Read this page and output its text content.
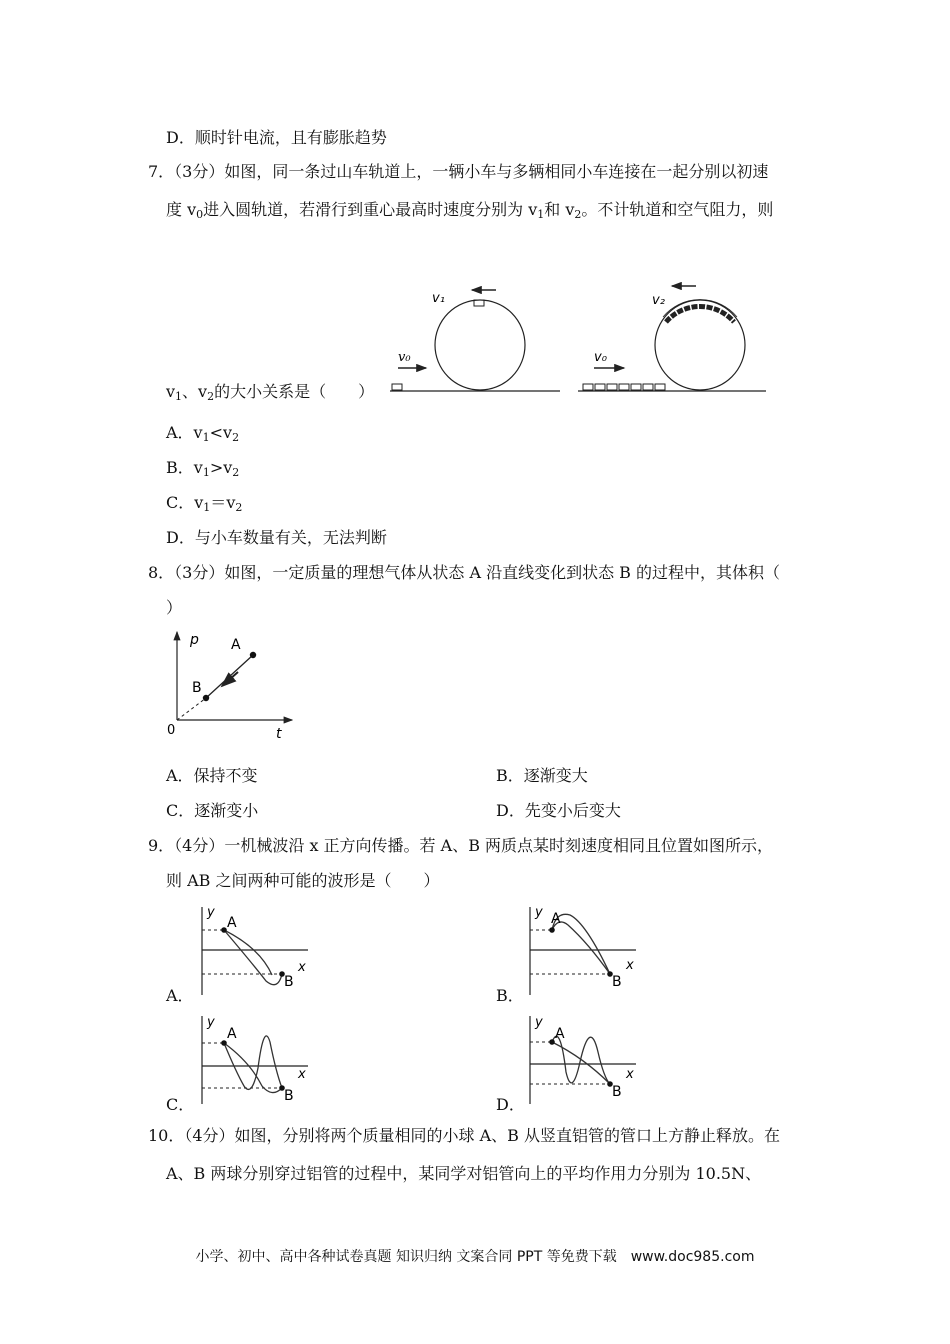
D．顺时针电流，且有膨胀趋势
7．（3分）如图，同一条过山车轨道上，一辆小车与多辆相同小车连接在一起分别以初速
度 $v_0$进入圆轨道，若滑行到重心最高时速度分别为 $v_1$和 $v_2$。不计轨道和空气阻力，则
$v_1$、$v_2$的大小关系是（　　）
v₀
v₁
v₀
v₂
A．$v_1<v_2$
B．$v_1>v_2$
C．$v_1=v_2$
D．与小车数量有关，无法判断
8．（3分）如图，一定质量的理想气体从状态 A 沿直线变化到状态 B 的过程中，其体积（
）
p
t
0
A
B
A．保持不变	B．逐渐变大
C．逐渐变小	D．先变小后变大
9．（4分）一机械波沿 x 正方向传播。若 A、B 两质点某时刻速度相同且位置如图所示，
则 AB 之间两种可能的波形是（　　）
A．
y
x
A
B
B．
y
x
A
B
C．
y
x
A
B	D．
y
x
A
B
10．（4分）如图，分别将两个质量相同的小球 A、B 从竖直铝管的管口上方静止释放。在
A、B 两球分别穿过铝管的过程中，某同学对铝管向上的平均作用力分别为 10.5N、
小学、初中、高中各种试卷真题 知识归纳 文案合同 PPT 等免费下载　www.doc985.com
